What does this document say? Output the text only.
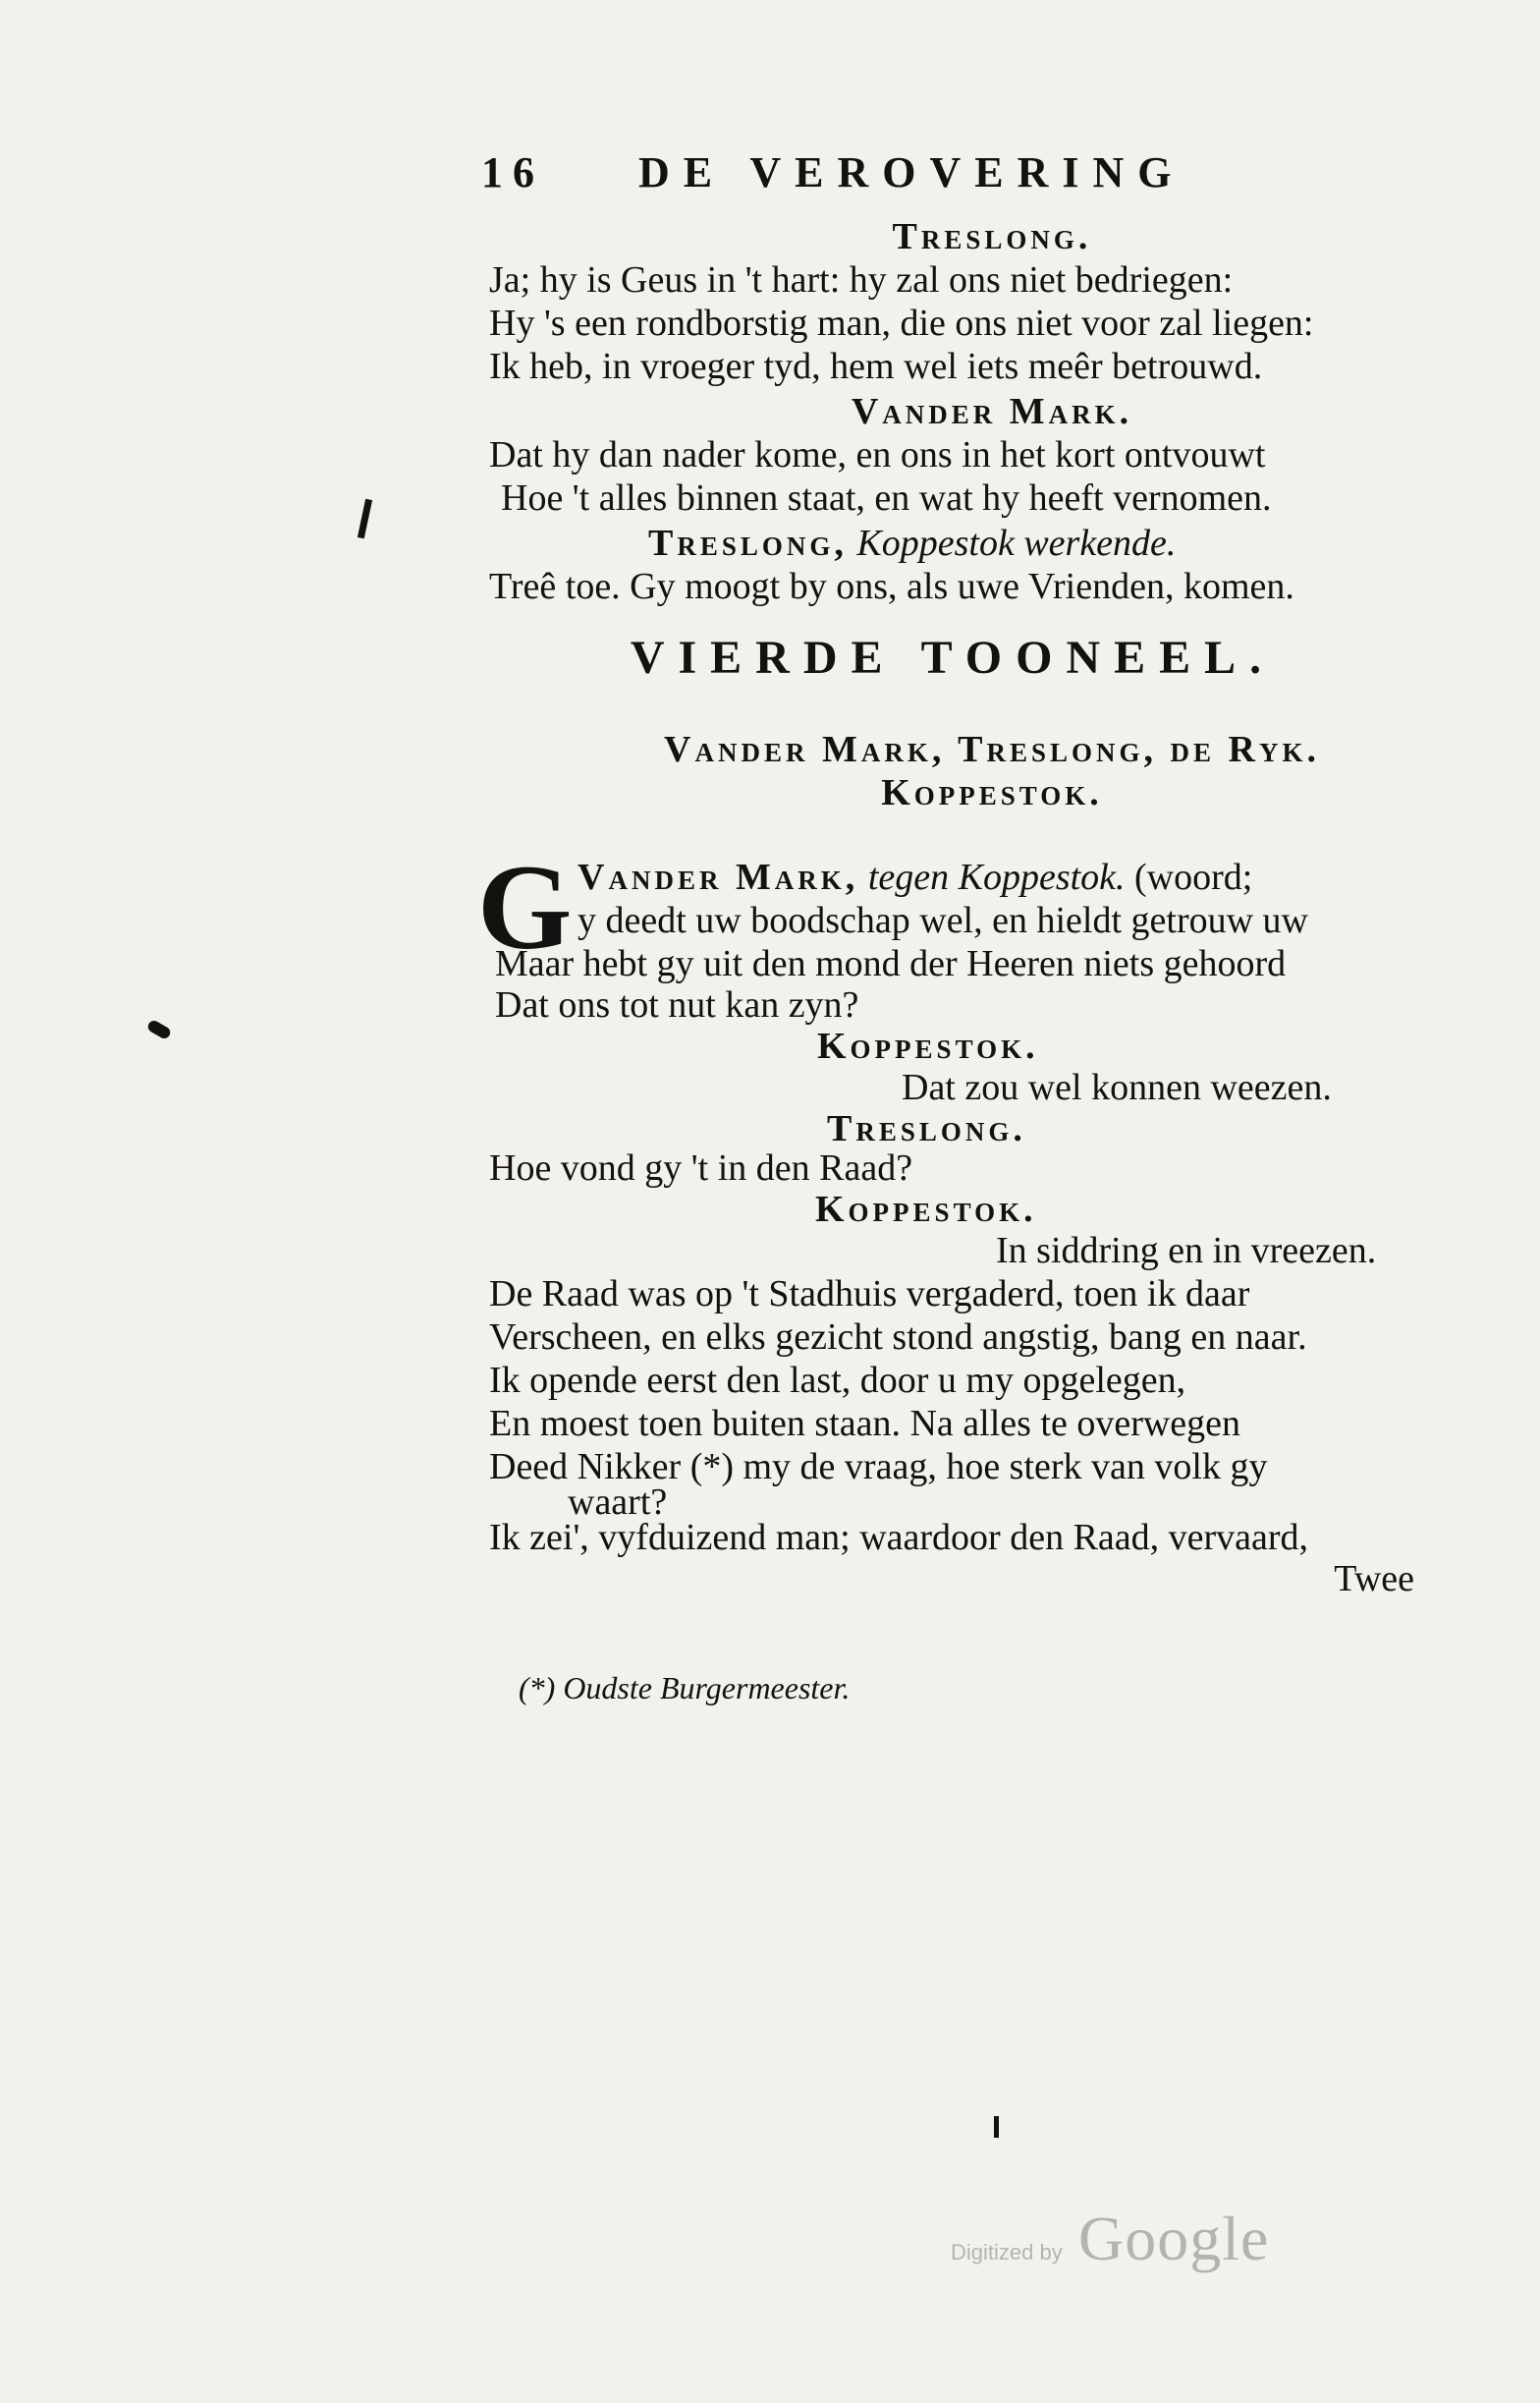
16 DE VEROVERING
Treslong.
Ja; hy is Geus in 't hart: hy zal ons niet bedriegen:
Hy 's een rondborstig man, die ons niet voor zal liegen:
Ik heb, in vroeger tyd, hem wel iets meêr betrouwd.
Vander Mark.
Dat hy dan nader kome, en ons in het kort ontvouwt
Hoe 't alles binnen staat, en wat hy heeft vernomen.
Treslong, Koppestok werkende.
Treê toe. Gy moogt by ons, als uwe Vrienden, komen.
VIERDE TOONEEL.
Vander Mark, Treslong, de Ryk.
Koppestok.
G Vander Mark, tegen Koppestok. (woord;
y deedt uw boodschap wel, en hieldt getrouw uw
Maar hebt gy uit den mond der Heeren niets gehoord
Dat ons tot nut kan zyn?
Koppestok.
Dat zou wel konnen weezen.
Treslong.
Hoe vond gy 't in den Raad?
Koppestok.
In siddring en in vreezen.
De Raad was op 't Stadhuis vergaderd, toen ik daar
Verscheen, en elks gezicht stond angstig, bang en naar.
Ik opende eerst den last, door u my opgelegen,
En moest toen buiten staan. Na alles te overwegen
Deed Nikker (*) my de vraag, hoe sterk van volk gy
waart?
Ik zei', vyfduizend man; waardoor den Raad, vervaard,
Twee
(*) Oudste Burgermeester.
Digitized by Google
